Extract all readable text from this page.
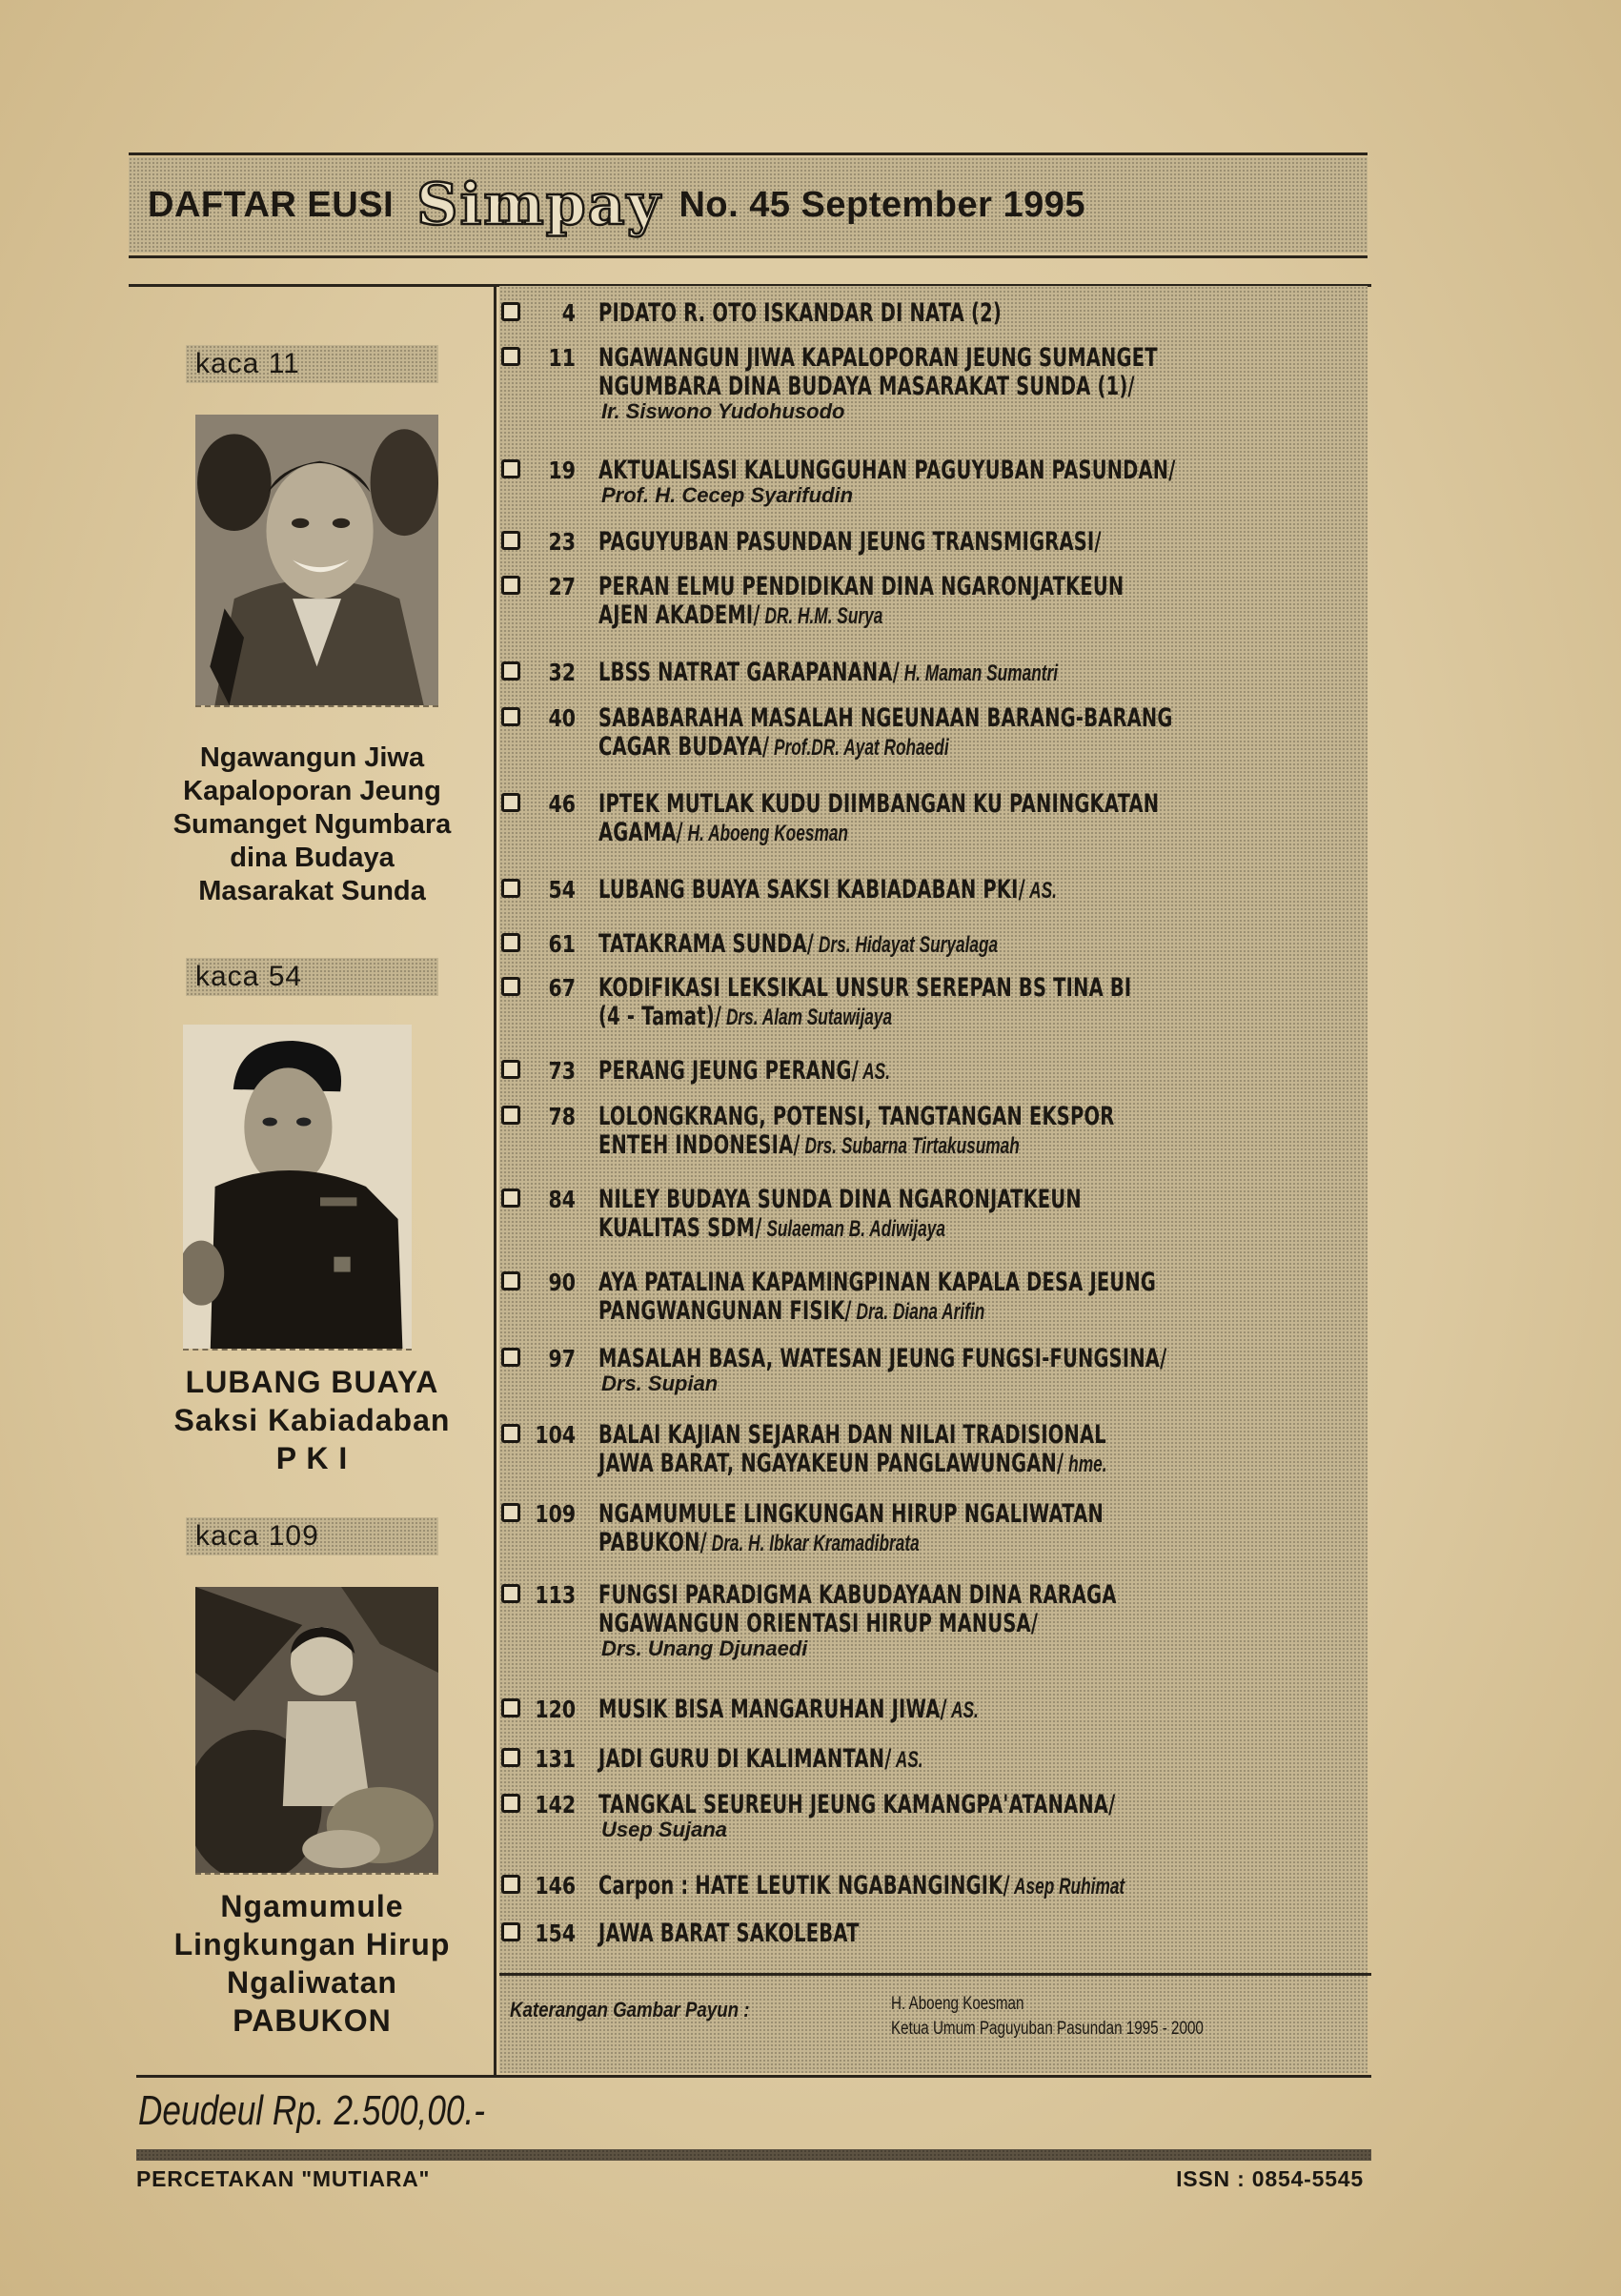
DAFTAR EUSI Simpay No. 45 September 1995
kaca 11
Ngawangun Jiwa
Kapaloporan Jeung
Sumanget Ngumbara
dina Budaya
Masarakat Sunda
kaca 54
LUBANG BUAYA
Saksi Kabiadaban
P K I
kaca 109
Ngamumule
Lingkungan Hirup
Ngaliwatan
PABUKON
4 PIDATO R. OTO ISKANDAR DI NATA (2)
11 NGAWANGUN JIWA KAPALOPORAN JEUNG SUMANGET
NGUMBARA DINA BUDAYA MASARAKAT SUNDA (1)/
Ir. Siswono Yudohusodo
19 AKTUALISASI KALUNGGUHAN PAGUYUBAN PASUNDAN/
Prof. H. Cecep Syarifudin
23 PAGUYUBAN PASUNDAN JEUNG TRANSMIGRASI/
27 PERAN ELMU PENDIDIKAN DINA NGARONJATKEUN
AJEN AKADEMI/ DR. H.M. Surya
32 LBSS NATRAT GARAPANANA/ H. Maman Sumantri
40 SABABARAHA MASALAH NGEUNAAN BARANG-BARANG
CAGAR BUDAYA/ Prof.DR. Ayat Rohaedi
46 IPTEK MUTLAK KUDU DIIMBANGAN KU PANINGKATAN
AGAMA/ H. Aboeng Koesman
54 LUBANG BUAYA SAKSI KABIADABAN PKI/ AS.
61 TATAKRAMA SUNDA/ Drs. Hidayat Suryalaga
67 KODIFIKASI LEKSIKAL UNSUR SEREPAN BS TINA BI
(4 - Tamat)/ Drs. Alam Sutawijaya
73 PERANG JEUNG PERANG/ AS.
78 LOLONGKRANG, POTENSI, TANGTANGAN EKSPOR
ENTEH INDONESIA/ Drs. Subarna Tirtakusumah
84 NILEY BUDAYA SUNDA DINA NGARONJATKEUN
KUALITAS SDM/ Sulaeman B. Adiwijaya
90 AYA PATALINA KAPAMINGPINAN KAPALA DESA JEUNG
PANGWANGUNAN FISIK/ Dra. Diana Arifin
97 MASALAH BASA, WATESAN JEUNG FUNGSI-FUNGSINA/
Drs. Supian
104 BALAI KAJIAN SEJARAH DAN NILAI TRADISIONAL
JAWA BARAT, NGAYAKEUN PANGLAWUNGAN/ hme.
109 NGAMUMULE LINGKUNGAN HIRUP NGALIWATAN
PABUKON/ Dra. H. Ibkar Kramadibrata
113 FUNGSI PARADIGMA KABUDAYAAN DINA RARAGA
NGAWANGUN ORIENTASI HIRUP MANUSA/
Drs. Unang Djunaedi
120 MUSIK BISA MANGARUHAN JIWA/ AS.
131 JADI GURU DI KALIMANTAN/ AS.
142 TANGKAL SEUREUH JEUNG KAMANGPA'ATANANA/
Usep Sujana
146 Carpon : HATE LEUTIK NGABANGINGIK/ Asep Ruhimat
154 JAWA BARAT SAKOLEBAT
Katerangan Gambar Payun :	H. Aboeng Koesman
Ketua Umum Paguyuban Pasundan 1995 - 2000
Deudeul Rp. 2.500,00.-
PERCETAKAN "MUTIARA"	ISSN : 0854-5545
